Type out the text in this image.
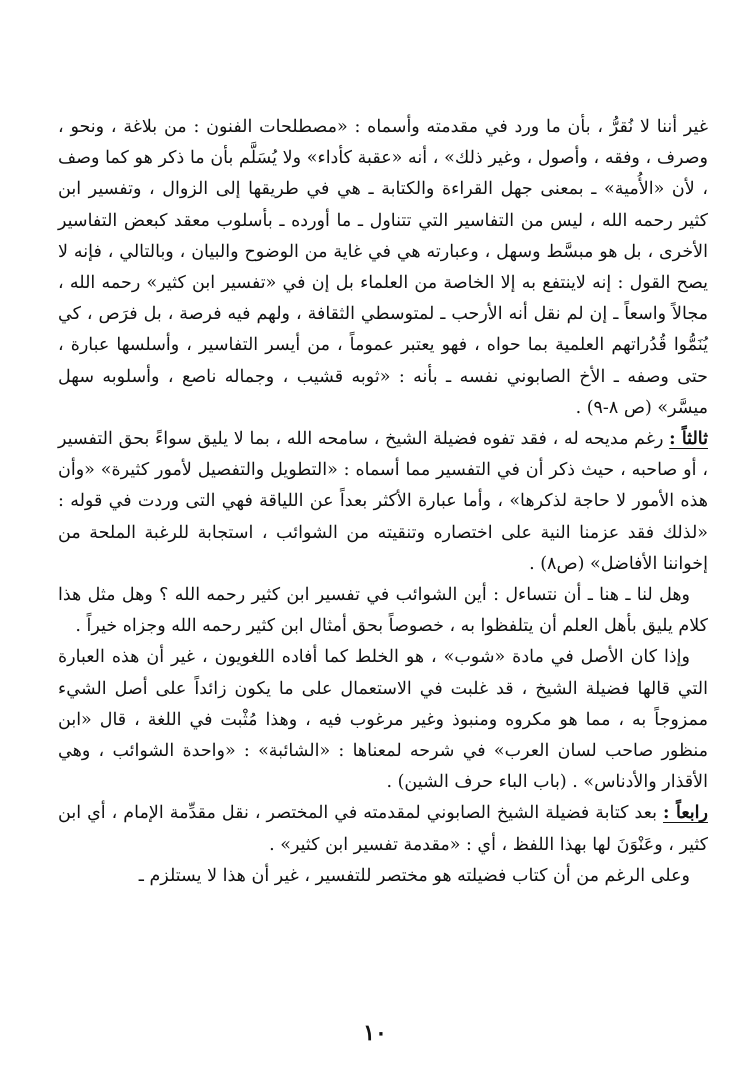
غير أننا لا نُقرُّ ، بأن ما ورد في مقدمته وأسماه : «مصطلحات الفنون : من بلاغة ، ونحو ، وصرف ، وفقه ، وأصول ، وغير ذلك» ، أنه «عقبة كأداء» ولا يُسَلَّم بأن ما ذكر هو كما وصف ، لأن «الأُمية» ـ بمعنى جهل القراءة والكتابة ـ هي في طريقها إلى الزوال ، وتفسير ابن كثير رحمه الله ، ليس من التفاسير التي تتناول ـ ما أورده ـ بأسلوب معقد كبعض التفاسير الأخرى ، بل هو مبسَّط وسهل ، وعبارته هي في غاية من الوضوح والبيان ، وبالتالي ، فإنه لا يصح القول : إنه لاينتفع به إلا الخاصة من العلماء بل إن في «تفسير ابن كثير» رحمه الله ، مجالاً واسعاً ـ إن لم نقل أنه الأرحب ـ لمتوسطي الثقافة ، ولهم فيه فرصة ، بل فرَص ، كي يُنَمُّوا قُدُراتهم العلمية بما حواه ، فهو يعتبر عموماً ، من أيسر التفاسير ، وأسلسها عبارة ، حتى وصفه ـ الأخ الصابوني نفسه ـ بأنه : «ثوبه قشيب ، وجماله ناصع ، وأسلوبه سهل ميسَّر» (ص ٨-٩) .

ثالثاً : رغم مديحه له ، فقد تفوه فضيلة الشيخ ، سامحه الله ، بما لا يليق سواءً بحق التفسير ، أو صاحبه ، حيث ذكر أن في التفسير مما أسماه : «التطويل والتفصيل لأمور كثيرة» «وأن هذه الأمور لا حاجة لذكرها» ، وأما عبارة الأكثر بعداً عن اللياقة فهي التى وردت في قوله : «لذلك فقد عزمنا النية على اختصاره وتنقيته من الشوائب ، استجابة للرغبة الملحة من إخواننا الأفاضل» (ص٨) .

وهل لنا ـ هنا ـ أن نتساءل : أين الشوائب في تفسير ابن كثير رحمه الله ؟ وهل مثل هذا كلام يليق بأهل العلم أن يتلفظوا به ، خصوصاً بحق أمثال ابن كثير رحمه الله وجزاه خيراً .

وإذا كان الأصل في مادة «شوب» ، هو الخلط كما أفاده اللغويون ، غير أن هذه العبارة التي قالها فضيلة الشيخ ، قد غلبت في الاستعمال على ما يكون زائداً على أصل الشيء ممزوجاً به ، مما هو مكروه ومنبوذ وغير مرغوب فيه ، وهذا مُثْبت في اللغة ، قال «ابن منظور صاحب لسان العرب» في شرحه لمعناها : «الشائبة» : «واحدة الشوائب ، وهي الأقذار والأدناس» . (باب الباء حرف الشين) .

رابعاً : بعد كتابة فضيلة الشيخ الصابوني لمقدمته في المختصر ، نقل مقدِّمة الإمام ، أي ابن كثير ، وعَنْوَنَ لها بهذا اللفظ ، أي : «مقدمة تفسير ابن كثير» .

وعلى الرغم من أن كتاب فضيلته هو مختصر للتفسير ، غير أن هذا لا يستلزم ـ

١٠
